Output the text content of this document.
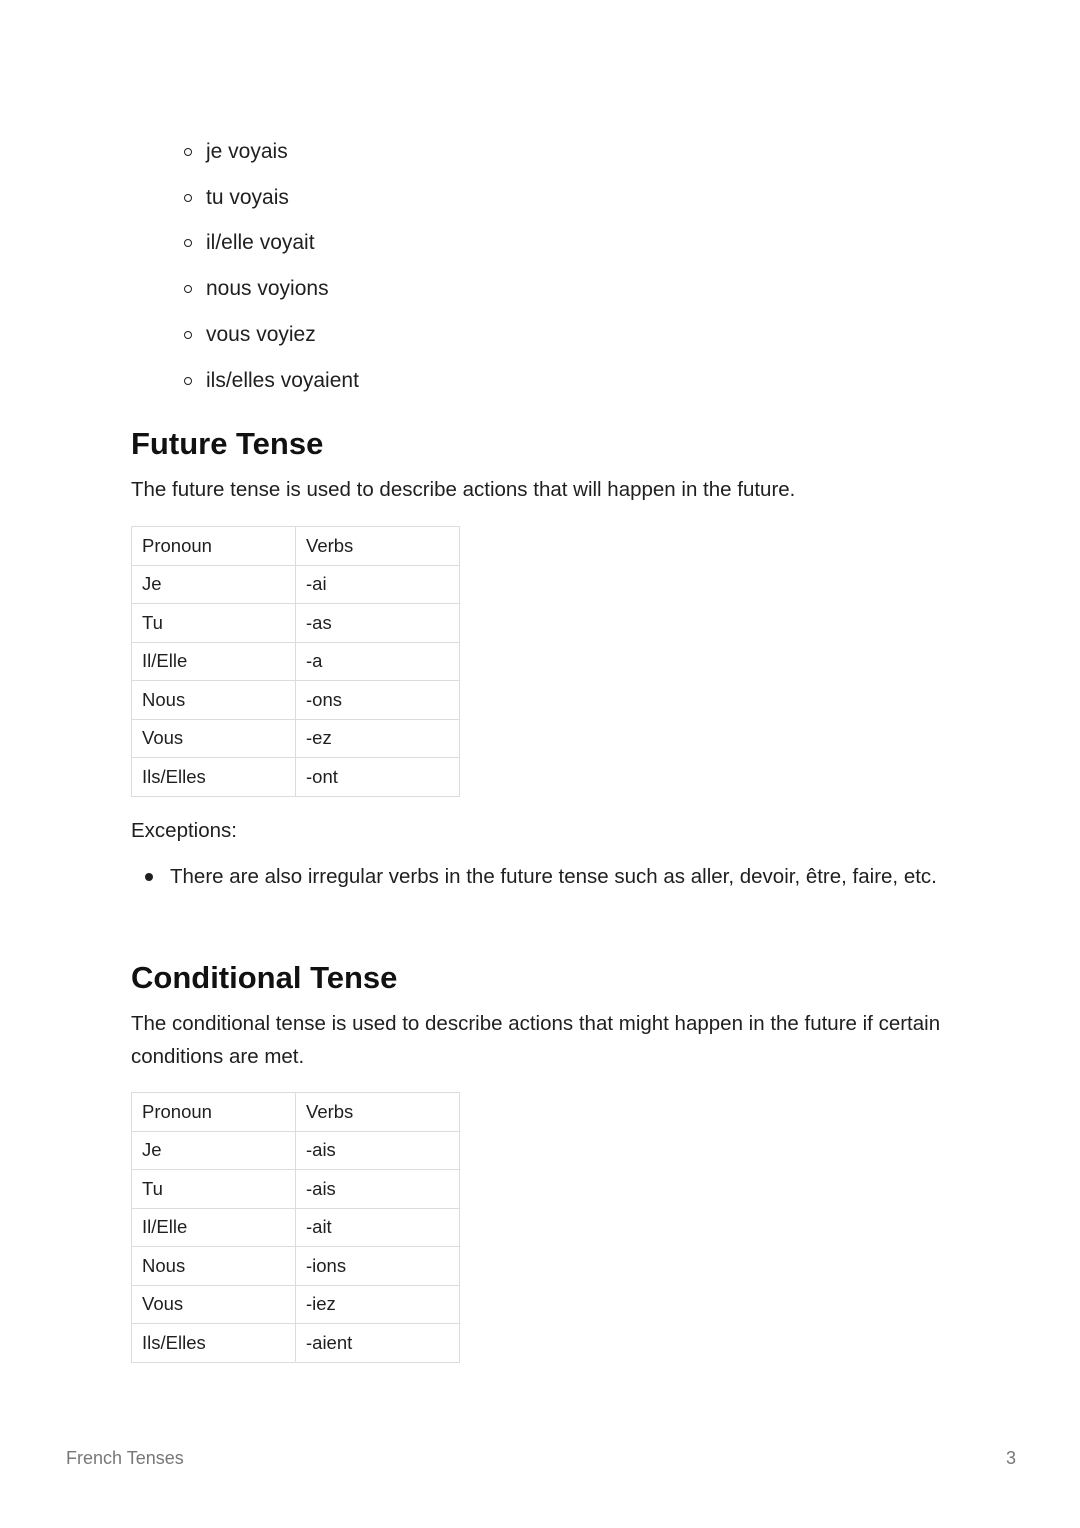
je voyais
tu voyais
il/elle voyait
nous voyions
vous voyiez
ils/elles voyaient
Future Tense

The future tense is used to describe actions that will happen in the future.

Pronoun	Verbs
Je	-ai
Tu	-as
Il/Elle	-a
Nous	-ons
Vous	-ez
Ils/Elles	-ont
Exceptions:
There are also irregular verbs in the future tense such as aller, devoir, être, faire, etc.
Conditional Tense

The conditional tense is used to describe actions that might happen in the future if certain conditions are met.

Pronoun	Verbs
Je	-ais
Tu	-ais
Il/Elle	-ait
Nous	-ions
Vous	-iez
Ils/Elles	-aient
French Tenses	3
